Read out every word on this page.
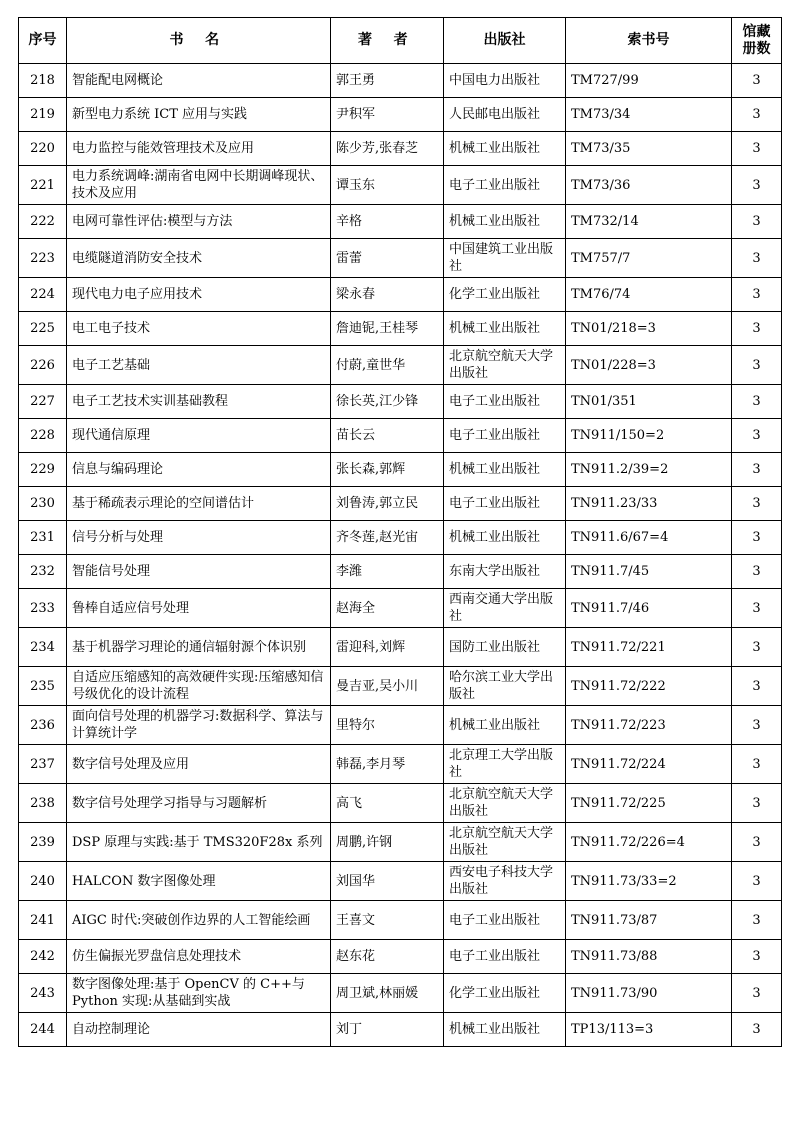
序号	书 名	著 者	出版社	索书号	馆藏
册数
218	智能配电网概论	郭王勇	中国电力出版社	TM727/99	3
219	新型电力系统 ICT 应用与实践	尹积军	人民邮电出版社	TM73/34	3
220	电力监控与能效管理技术及应用	陈少芳,张春芝	机械工业出版社	TM73/35	3
221	电力系统调峰:湖南省电网中长期调峰现状、技术及应用	谭玉东	电子工业出版社	TM73/36	3
222	电网可靠性评估:模型与方法	辛格	机械工业出版社	TM732/14	3
223	电缆隧道消防安全技术	雷蕾	中国建筑工业出版社	TM757/7	3
224	现代电力电子应用技术	梁永春	化学工业出版社	TM76/74	3
225	电工电子技术	詹迪铌,王桂琴	机械工业出版社	TN01/218=3	3
226	电子工艺基础	付蔚,童世华	北京航空航天大学出版社	TN01/228=3	3
227	电子工艺技术实训基础教程	徐长英,江少锋	电子工业出版社	TN01/351	3
228	现代通信原理	苗长云	电子工业出版社	TN911/150=2	3
229	信息与编码理论	张长森,郭辉	机械工业出版社	TN911.2/39=2	3
230	基于稀疏表示理论的空间谱估计	刘鲁涛,郭立民	电子工业出版社	TN911.23/33	3
231	信号分析与处理	齐冬莲,赵光宙	机械工业出版社	TN911.6/67=4	3
232	智能信号处理	李潍	东南大学出版社	TN911.7/45	3
233	鲁棒自适应信号处理	赵海全	西南交通大学出版社	TN911.7/46	3
234	基于机器学习理论的通信辐射源个体识别	雷迎科,刘辉	国防工业出版社	TN911.72/221	3
235	自适应压缩感知的高效硬件实现:压缩感知信号级优化的设计流程	曼吉亚,吴小川	哈尔滨工业大学出版社	TN911.72/222	3
236	面向信号处理的机器学习:数据科学、算法与计算统计学	里特尔	机械工业出版社	TN911.72/223	3
237	数字信号处理及应用	韩磊,李月琴	北京理工大学出版社	TN911.72/224	3
238	数字信号处理学习指导与习题解析	高飞	北京航空航天大学出版社	TN911.72/225	3
239	DSP 原理与实践:基于 TMS320F28x 系列	周鹏,许钢	北京航空航天大学出版社	TN911.72/226=4	3
240	HALCON 数字图像处理	刘国华	西安电子科技大学出版社	TN911.73/33=2	3
241	AIGC 时代:突破创作边界的人工智能绘画	王喜文	电子工业出版社	TN911.73/87	3
242	仿生偏振光罗盘信息处理技术	赵东花	电子工业出版社	TN911.73/88	3
243	数字图像处理:基于 OpenCV 的 C++与 Python 实现:从基础到实战	周卫斌,林丽媛	化学工业出版社	TN911.73/90	3
244	自动控制理论	刘丁	机械工业出版社	TP13/113=3	3
